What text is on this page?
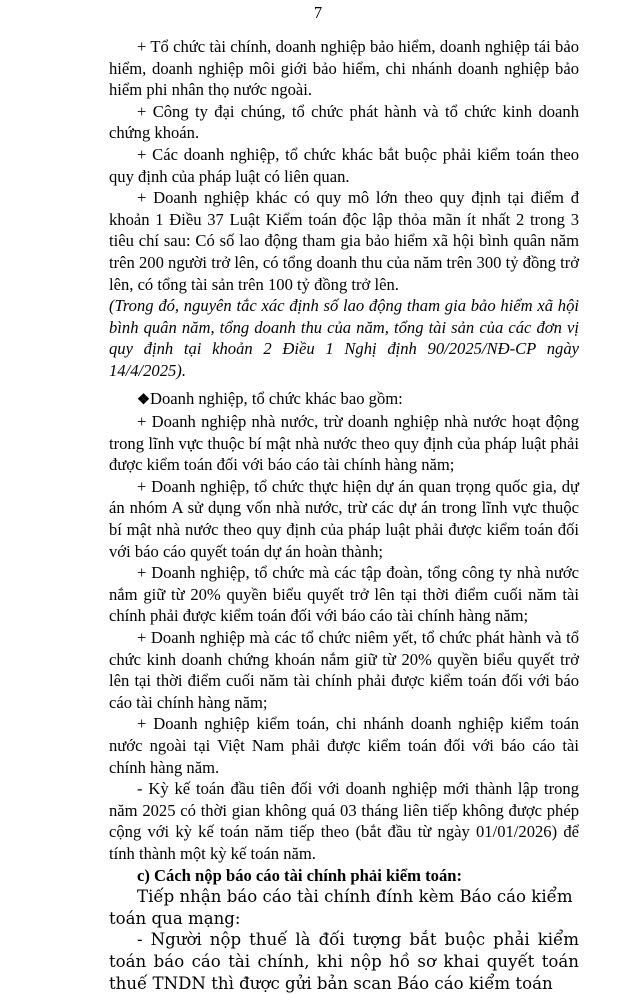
7

+ Tổ chức tài chính, doanh nghiệp bảo hiểm, doanh nghiệp tái bảo hiểm, doanh nghiệp môi giới bảo hiểm, chi nhánh doanh nghiệp bảo hiểm phi nhân thọ nước ngoài.

+ Công ty đại chúng, tổ chức phát hành và tổ chức kinh doanh chứng khoán.

+ Các doanh nghiệp, tổ chức khác bắt buộc phải kiểm toán theo quy định của pháp luật có liên quan.

+ Doanh nghiệp khác có quy mô lớn theo quy định tại điểm đ khoản 1 Điều 37 Luật Kiểm toán độc lập thỏa mãn ít nhất 2 trong 3 tiêu chí sau: Có số lao động tham gia bảo hiểm xã hội bình quân năm trên 200 người trở lên, có tổng doanh thu của năm trên 300 tỷ đồng trở lên, có tổng tài sản trên 100 tỷ đồng trở lên.

(Trong đó, nguyên tắc xác định số lao động tham gia bảo hiểm xã hội bình quân năm, tổng doanh thu của năm, tổng tài sản của các đơn vị quy định tại khoản 2 Điều 1 Nghị định 90/2025/NĐ-CP ngày 14/4/2025).

❖Doanh nghiệp, tổ chức khác bao gồm:

+ Doanh nghiệp nhà nước, trừ doanh nghiệp nhà nước hoạt động trong lĩnh vực thuộc bí mật nhà nước theo quy định của pháp luật phải được kiểm toán đối với báo cáo tài chính hàng năm;

+ Doanh nghiệp, tổ chức thực hiện dự án quan trọng quốc gia, dự án nhóm A sử dụng vốn nhà nước, trừ các dự án trong lĩnh vực thuộc bí mật nhà nước theo quy định của pháp luật phải được kiểm toán đối với báo cáo quyết toán dự án hoàn thành;

+ Doanh nghiệp, tổ chức mà các tập đoàn, tổng công ty nhà nước nắm giữ từ 20% quyền biểu quyết trở lên tại thời điểm cuối năm tài chính phải được kiểm toán đối với báo cáo tài chính hàng năm;

+ Doanh nghiệp mà các tổ chức niêm yết, tổ chức phát hành và tổ chức kinh doanh chứng khoán nắm giữ từ 20% quyền biểu quyết trở lên tại thời điểm cuối năm tài chính phải được kiểm toán đối với báo cáo tài chính hàng năm;

+ Doanh nghiệp kiểm toán, chi nhánh doanh nghiệp kiểm toán nước ngoài tại Việt Nam phải được kiểm toán đối với báo cáo tài chính hàng năm.

- Kỳ kế toán đầu tiên đối với doanh nghiệp mới thành lập trong năm 2025 có thời gian không quá 03 tháng liên tiếp không được phép cộng với kỳ kế toán năm tiếp theo (bắt đầu từ ngày 01/01/2026) để tính thành một kỳ kế toán năm.

c) Cách nộp báo cáo tài chính phải kiểm toán:

Tiếp nhận báo cáo tài chính đính kèm Báo cáo kiểm toán qua mạng:

- Người nộp thuế là đối tượng bắt buộc phải kiểm toán báo cáo tài chính, khi nộp hồ sơ khai quyết toán thuế TNDN thì được gửi bản scan Báo cáo kiểm toán
